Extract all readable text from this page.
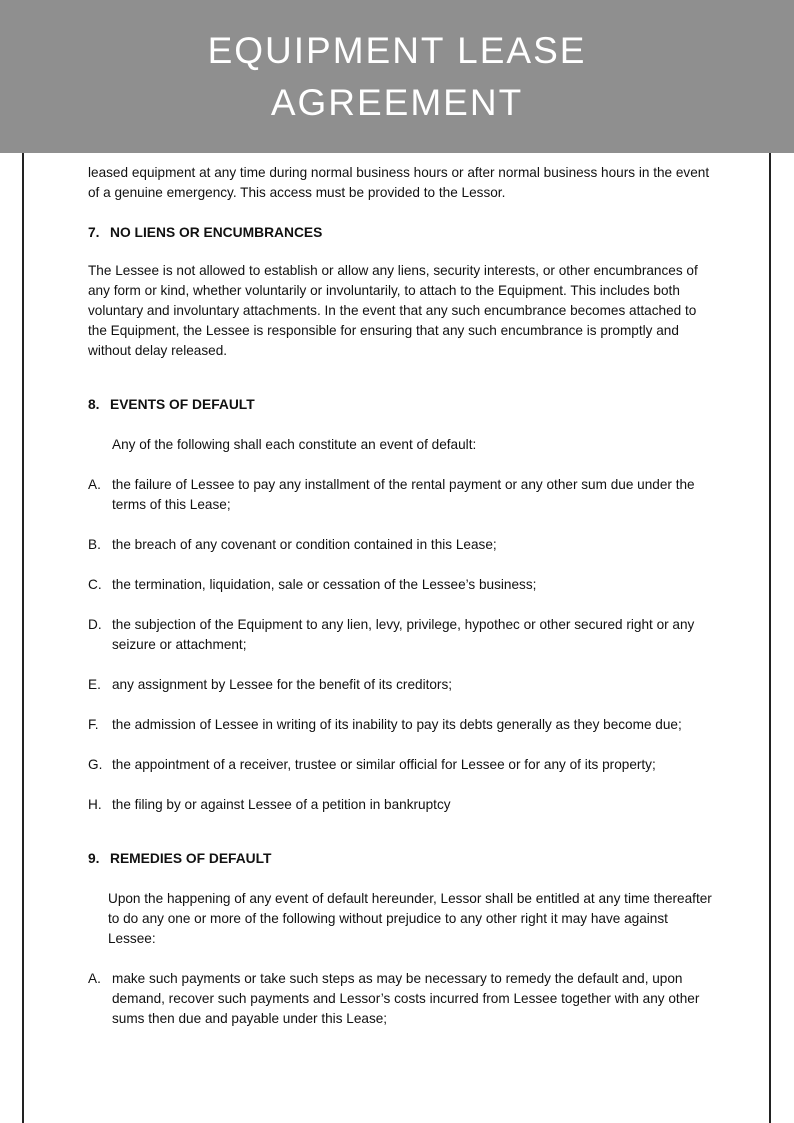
EQUIPMENT LEASE AGREEMENT

leased equipment at any time during normal business hours or after normal business hours in the event of a genuine emergency. This access must be provided to the Lessor.

7. NO LIENS OR ENCUMBRANCES

The Lessee is not allowed to establish or allow any liens, security interests, or other encumbrances of any form or kind, whether voluntarily or involuntarily, to attach to the Equipment. This includes both voluntary and involuntary attachments. In the event that any such encumbrance becomes attached to the Equipment, the Lessee is responsible for ensuring that any such encumbrance is promptly and without delay released.

8. EVENTS OF DEFAULT

Any of the following shall each constitute an event of default:

A. the failure of Lessee to pay any installment of the rental payment or any other sum due under the terms of this Lease;
B. the breach of any covenant or condition contained in this Lease;
C. the termination, liquidation, sale or cessation of the Lessee’s business;
D. the subjection of the Equipment to any lien, levy, privilege, hypothec or other secured right or any seizure or attachment;
E. any assignment by Lessee for the benefit of its creditors;
F. the admission of Lessee in writing of its inability to pay its debts generally as they become due;
G. the appointment of a receiver, trustee or similar official for Lessee or for any of its property;
H. the filing by or against Lessee of a petition in bankruptcy
9. REMEDIES OF DEFAULT

Upon the happening of any event of default hereunder, Lessor shall be entitled at any time thereafter to do any one or more of the following without prejudice to any other right it may have against Lessee:

A. make such payments or take such steps as may be necessary to remedy the default and, upon demand, recover such payments and Lessor’s costs incurred from Lessee together with any other sums then due and payable under this Lease;
